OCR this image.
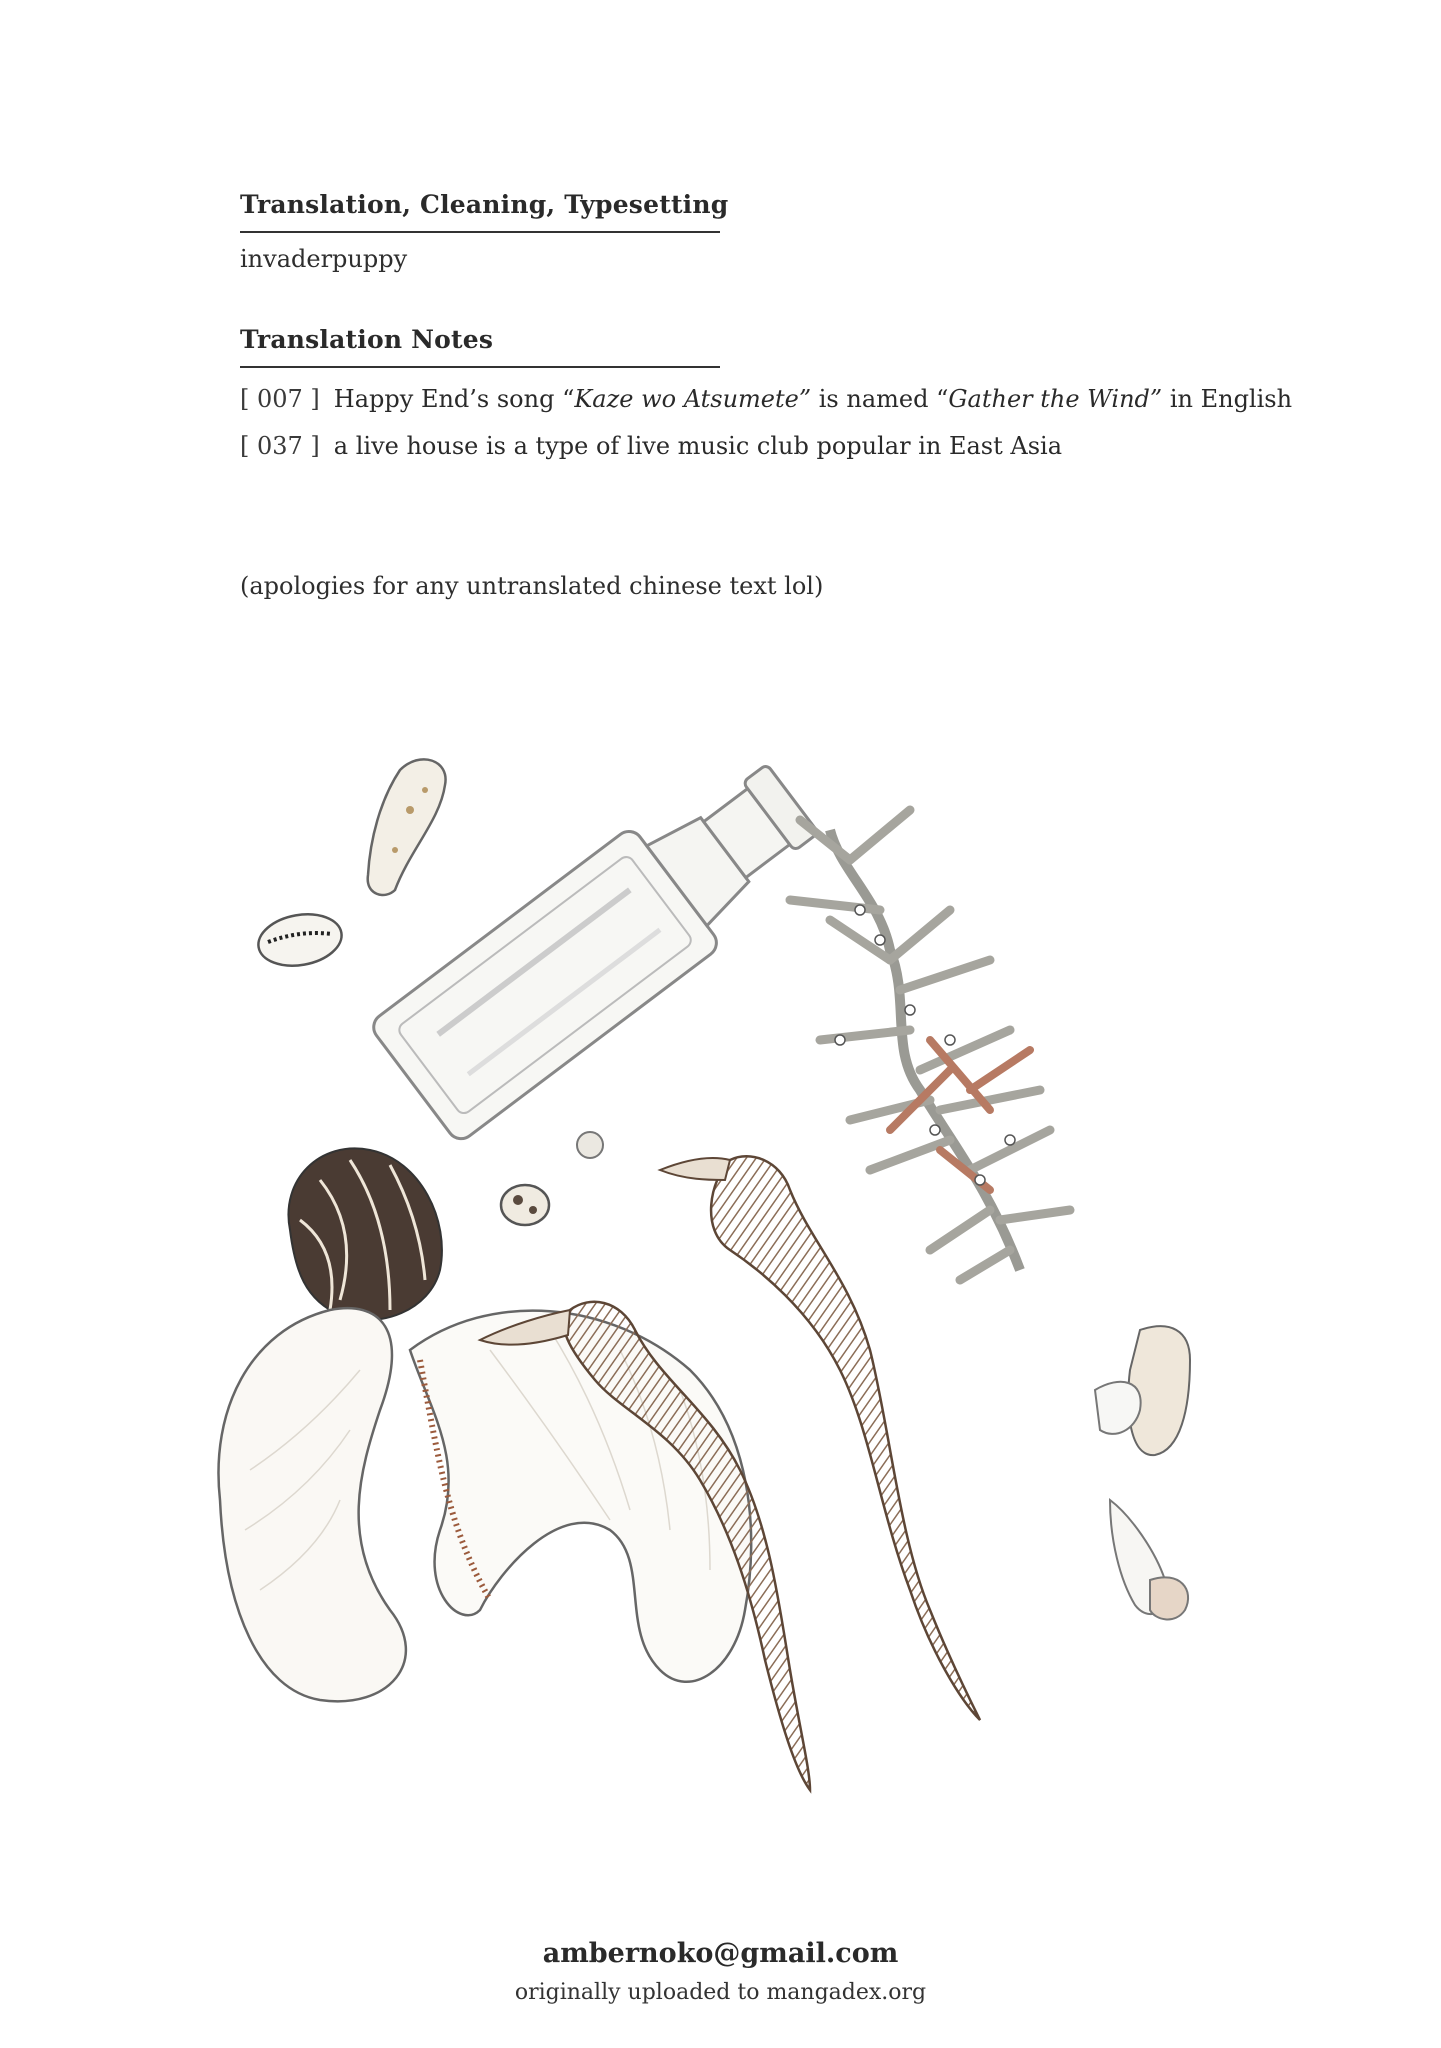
Translation, Cleaning, Typesetting
invaderpuppy
Translation Notes
[ 007 ] Happy End’s song “Kaze wo Atsumete” is named “Gather the Wind” in English
[ 037 ] a live house is a type of live music club popular in East Asia
(apologies for any untranslated chinese text lol)
ambernoko@gmail.com
originally uploaded to mangadex.org
